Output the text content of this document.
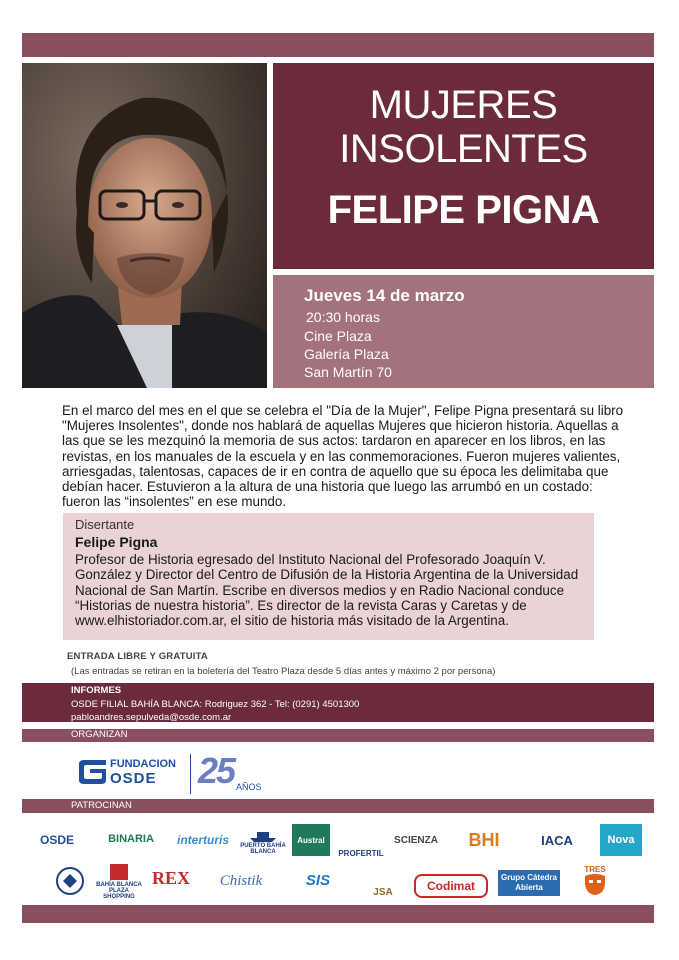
MUJERES
INSOLENTES
FELIPE PIGNA
Jueves 14 de marzo
20:30 horas
Cine Plaza
Galería Plaza
San Martín 70
En el marco del mes en el que se celebra el "Día de la Mujer", Felipe Pigna presentará su libro "Mujeres Insolentes", donde nos hablará de aquellas Mujeres que hicieron historia. Aquellas a las que se les mezquinó la memoria de sus actos: tardaron en aparecer en los libros, en las revistas, en los manuales de la escuela y en las conmemoraciones. Fueron mujeres valientes, arriesgadas, talentosas, capaces de ir en contra de aquello que su época les delimitaba que debían hacer. Estuvieron a la altura de una historia que luego las arrumbó en un costado: fueron las “insolentes” en ese mundo.
Disertante
Felipe Pigna
Profesor de Historia egresado del Instituto Nacional del Profesorado Joaquín V. González y Director del Centro de Difusión de la Historia Argentina de la Universidad Nacional de San Martín. Escribe en diversos medios y en Radio Nacional conduce “Historias de nuestra historia”. Es director de la revista Caras y Caretas y de www.elhistoriador.com.ar, el sitio de historia más visitado de la Argentina.
ENTRADA LIBRE Y GRATUITA
(Las entradas se retiran en la boletería del Teatro Plaza desde 5 días antes y máximo 2 por persona)
INFORMES
OSDE FILIAL BAHÍA BLANCA: Rodriguez 362 - Tel: (0291) 4501300
pabloandres.sepulveda@osde.com.ar
ORGANIZAN
FUNDACION
OSDE 25 AÑOS
PATROCINAN
OSDE	BINARIA	interturis	PUERTO BAHÍA BLANCA
Austral
PROFERTIL
SCIENZA	BHI	IACA	Nova
BAHÍA BLANCA PLAZA SHOPPING
REX	Chistik	SIS
JSA	Codimat
Grupo Cátedra Abierta
TRES
